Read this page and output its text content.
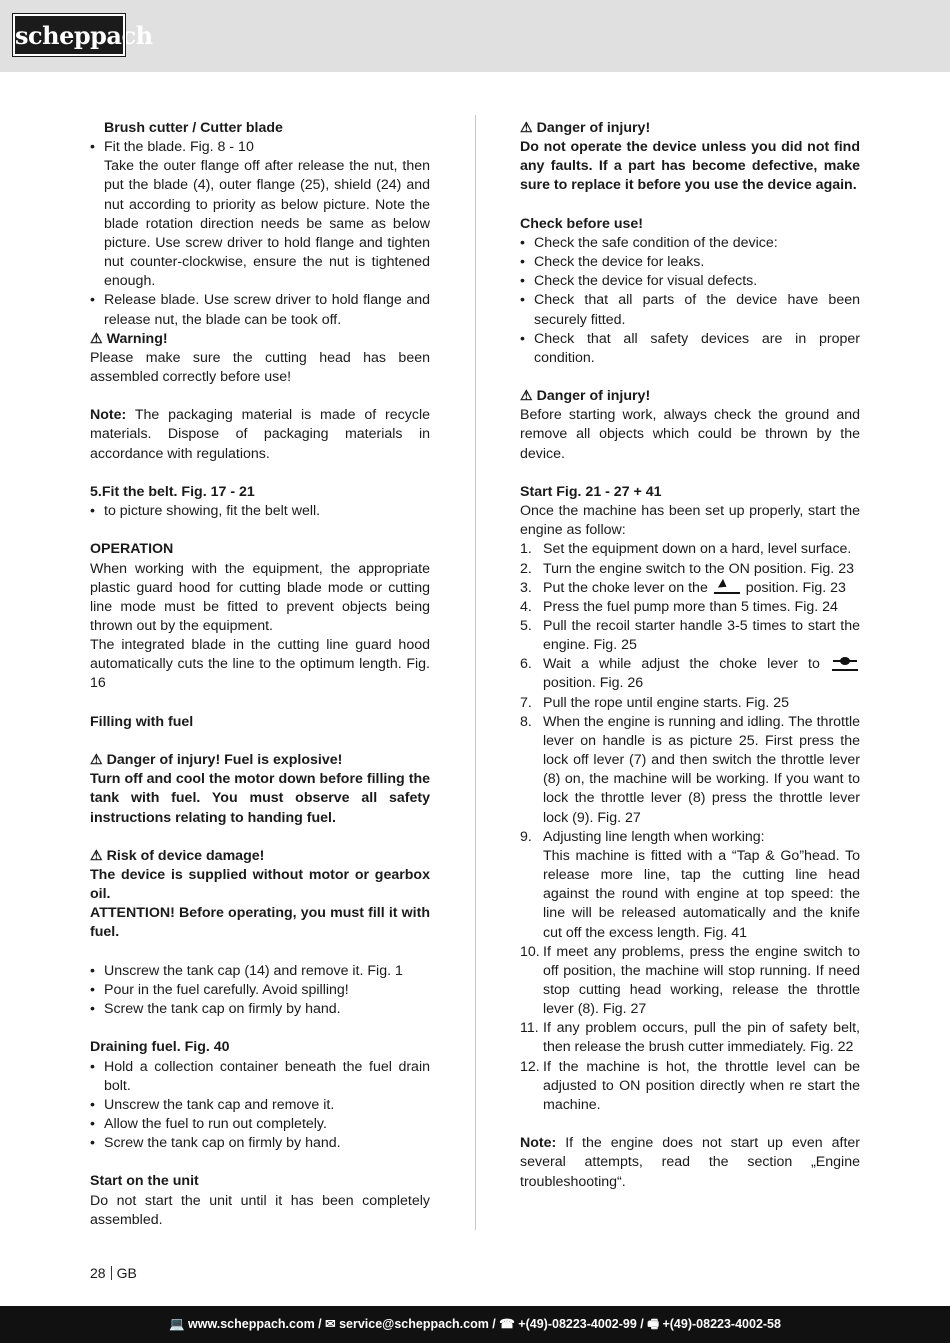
scheppach

Brush cutter / Cutter blade

• Fit the blade. Fig. 8 - 10

Take the outer flange off after release the nut, then put the blade (4), outer flange (25), shield (24) and nut according to priority as below picture. Note the blade rotation direction needs be same as below picture. Use screw driver to hold flange and tighten nut counter-clockwise, ensure the nut is tightened enough.

• Release blade. Use screw driver to hold flange and release nut, the blade can be took off.

⚠ Warning!

Please make sure the cutting head has been assembled correctly before use!

Note: The packaging material is made of recycle materials. Dispose of packaging materials in accordance with regulations.

5.Fit the belt. Fig. 17 - 21

• to picture showing, fit the belt well.

OPERATION

When working with the equipment, the appropriate plastic guard hood for cutting blade mode or cutting line mode must be fitted to prevent objects being thrown out by the equipment.

The integrated blade in the cutting line guard hood automatically cuts the line to the optimum length. Fig. 16

Filling with fuel

⚠ Danger of injury! Fuel is explosive!

Turn off and cool the motor down before filling the tank with fuel. You must observe all safety instructions relating to handing fuel.

⚠ Risk of device damage!

The device is supplied without motor or gearbox oil.

ATTENTION! Before operating, you must fill it with fuel.

• Unscrew the tank cap (14) and remove it. Fig. 1
• Pour in the fuel carefully. Avoid spilling!
• Screw the tank cap on firmly by hand.

Draining fuel. Fig. 40

• Hold a collection container beneath the fuel drain bolt.
• Unscrew the tank cap and remove it.
• Allow the fuel to run out completely.
• Screw the tank cap on firmly by hand.

Start on the unit

Do not start the unit until it has been completely assembled.

⚠ Danger of injury!

Do not operate the device unless you did not find any faults. If a part has become defective, make sure to replace it before you use the device again.

Check before use!

• Check the safe condition of the device:
• Check the device for leaks.
• Check the device for visual defects.
• Check that all parts of the device have been securely fitted.
• Check that all safety devices are in proper condition.

⚠ Danger of injury!

Before starting work, always check the ground and remove all objects which could be thrown by the device.

Start Fig. 21 - 27 + 41

Once the machine has been set up properly, start the engine as follow:

1. Set the equipment down on a hard, level surface.
2. Turn the engine switch to the ON position. Fig. 23
3. Put the choke lever on the
position. Fig. 23
4. Press the fuel pump more than 5 times. Fig. 24
5. Pull the recoil starter handle 3-5 times to start the engine. Fig. 25
6. Wait a while adjust the choke lever to
position. Fig. 26
7. Pull the rope until engine starts. Fig. 25
8. When the engine is running and idling. The throttle lever on handle is as picture 25. First press the lock off lever (7) and then switch the throttle lever (8) on, the machine will be working. If you want to lock the throttle lever (8) press the throttle lever lock (9). Fig. 27
9. Adjusting line length when working:
This machine is fitted with a “Tap & Go”head. To release more line, tap the cutting line head against the round with engine at top speed: the line will be released automatically and the knife cut off the excess length. Fig. 41
10. If meet any problems, press the engine switch to off position, the machine will stop running. If need stop cutting head working, release the throttle lever (8). Fig. 27
11. If any problem occurs, pull the pin of safety belt, then release the brush cutter immediately. Fig. 22
12. If the machine is hot, the throttle level can be adjusted to ON position directly when re start the machine.

Note: If the engine does not start up even after several attempts, read the section „Engine troubleshooting“.

28 GB
💻 www.scheppach.com / ✉ service@scheppach.com / ☎ +(49)-08223-4002-99 / 🖷 +(49)-08223-4002-58
